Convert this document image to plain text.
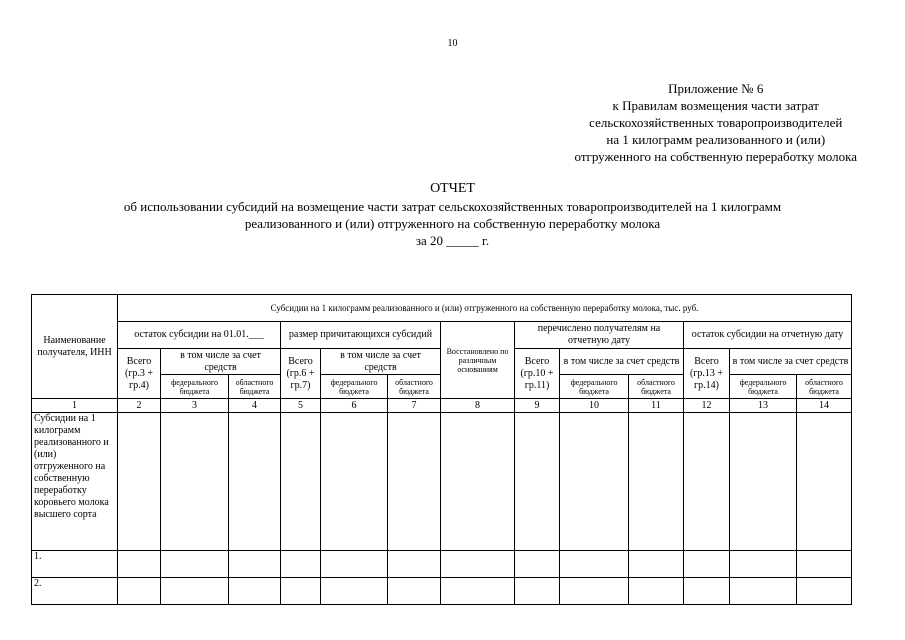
10
Приложение № 6
к Правилам возмещения части затрат
сельскохозяйственных товаропроизводителей
на 1 килограмм реализованного и (или)
отгруженного на собственную переработку молока
ОТЧЕТ
об использовании субсидий на возмещение части затрат сельскохозяйственных товаропроизводителей на 1 килограмм
реализованного и (или) отгруженного на собственную переработку молока
за 20 _____ г.
Наименование получателя, ИНН	Субсидии на 1 килограмм реализованного и (или) отгруженного на собственную переработку молока, тыс. руб.												
	остаток субсидии на 01.01.___			размер причитающихся субсидий			Восстановлено по различным основаниям	перечислено получателям на отчетную дату			остаток субсидии на отчетную дату		
	Всего (гр.3 + гр.4)	в том числе за счет средств		Всего (гр.6 + гр.7)	в том числе за счет средств			Всего (гр.10 + гр.11)	в том числе за счет средств		Всего (гр.13 + гр.14)	в том числе за счет средств	
		федерального бюджета	областного бюджета		федерального бюджета	областного бюджета			федерального бюджета	областного бюджета		федерального бюджета	областного бюджета
1	2	3	4	5	6	7	8	9	10	11	12	13	14
Субсидии на 1 килограмм реализованного и (или) отгруженного на собственную переработку коровьего молока высшего сорта													
1.													
2.													
